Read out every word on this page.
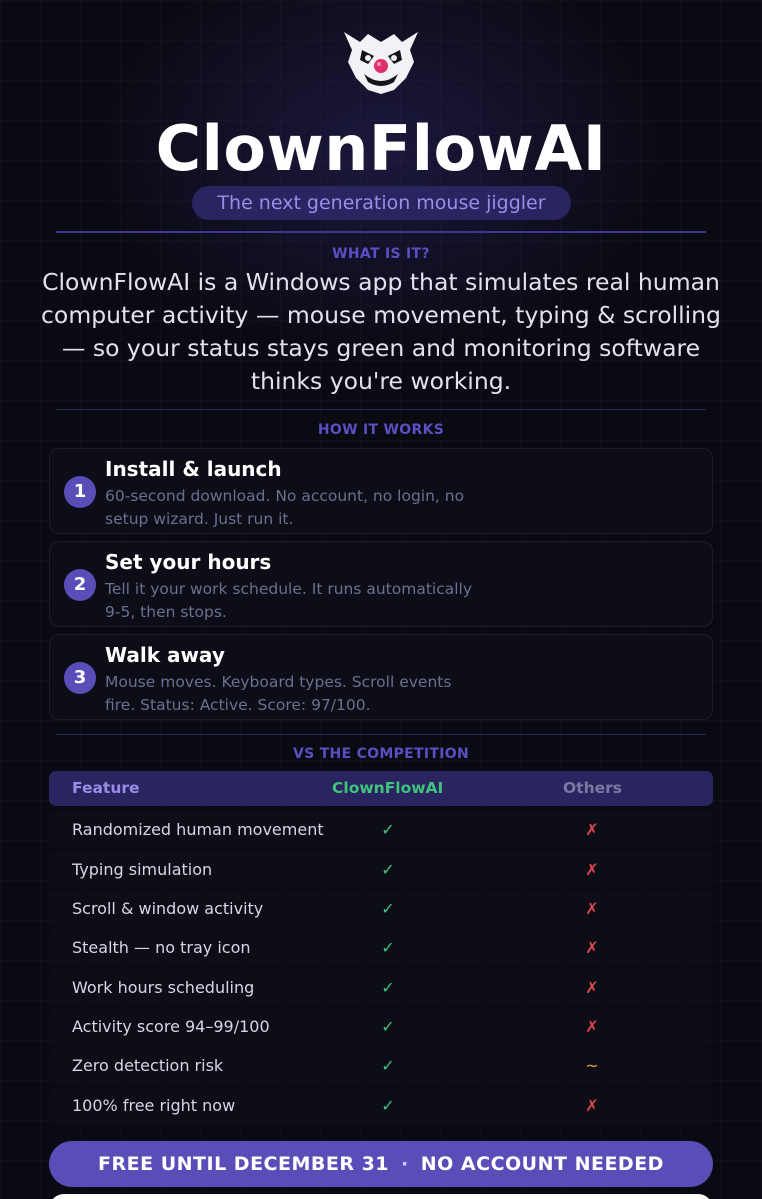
ClownFlowAI
The next generation mouse jiggler
WHAT IS IT?
ClownFlowAI is a Windows app that simulates real human computer activity — mouse movement, typing & scrolling — so your status stays green and monitoring software thinks you're working.
HOW IT WORKS
1
Install & launch
60-second download. No account, no login, no setup wizard. Just run it.
2
Set your hours
Tell it your work schedule. It runs automatically 9-5, then stops.
3
Walk away
Mouse moves. Keyboard types. Scroll events fire. Status: Active. Score: 97/100.
VS THE COMPETITION
Feature	ClownFlowAI	Others
Randomized human movement	✓	✗
Typing simulation	✓	✗
Scroll & window activity	✓	✗
Stealth — no tray icon	✓	✗
Work hours scheduling	✓	✗
Activity score 94–99/100	✓	✗
Zero detection risk	✓	~
100% free right now	✓	✗
FREE UNTIL DECEMBER 31 · NO ACCOUNT NEEDED
